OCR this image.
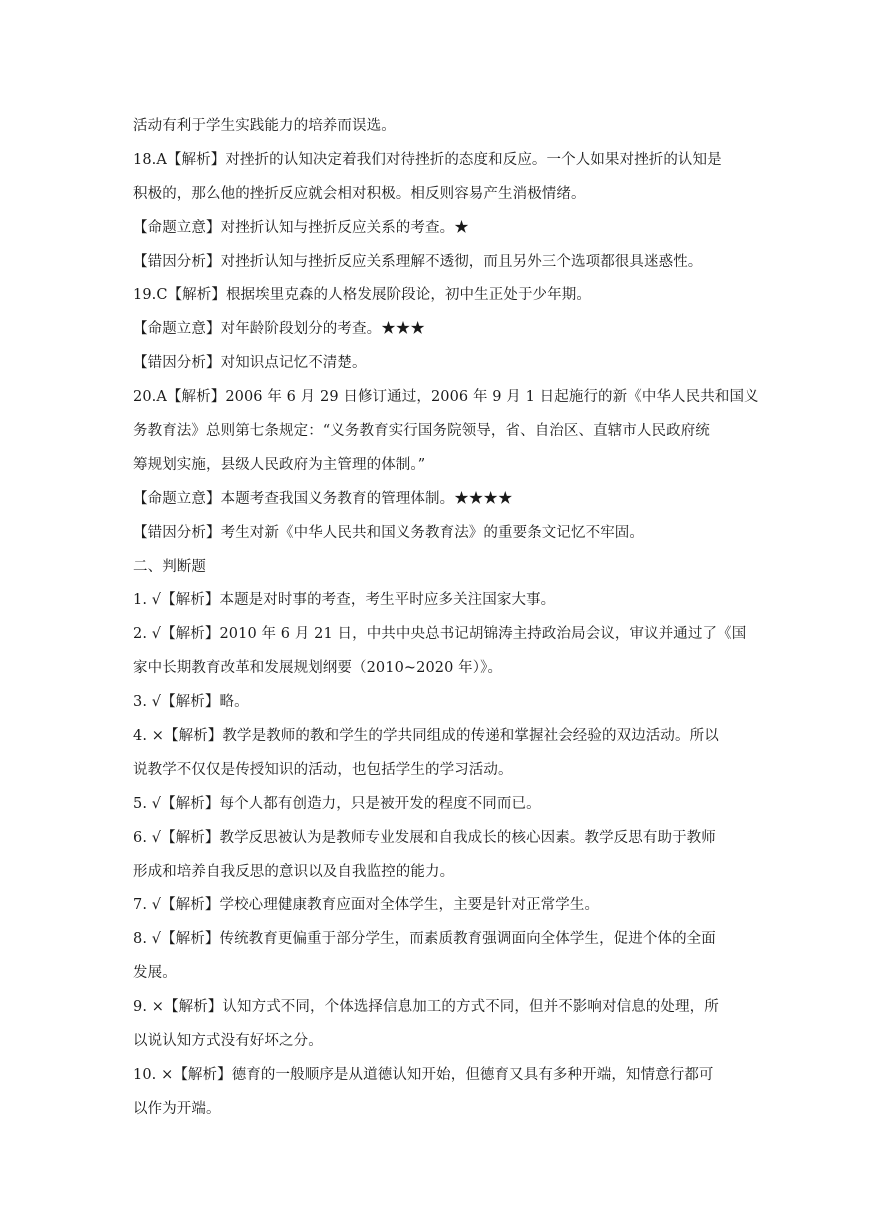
活动有利于学生实践能力的培养而误选。
18.A【解析】对挫折的认知决定着我们对待挫折的态度和反应。一个人如果对挫折的认知是
积极的，那么他的挫折反应就会相对积极。相反则容易产生消极情绪。
【命题立意】对挫折认知与挫折反应关系的考查。★
【错因分析】对挫折认知与挫折反应关系理解不透彻，而且另外三个选项都很具迷惑性。
19.C【解析】根据埃里克森的人格发展阶段论，初中生正处于少年期。
【命题立意】对年龄阶段划分的考查。★★★
【错因分析】对知识点记忆不清楚。
20.A【解析】2006 年 6 月 29 日修订通过，2006 年 9 月 1 日起施行的新《中华人民共和国义
务教育法》总则第七条规定：“义务教育实行国务院领导，省、自治区、直辖市人民政府统
筹规划实施，县级人民政府为主管理的体制。”
【命题立意】本题考查我国义务教育的管理体制。★★★★
【错因分析】考生对新《中华人民共和国义务教育法》的重要条文记忆不牢固。
二、判断题
1. √【解析】本题是对时事的考查，考生平时应多关注国家大事。
2. √【解析】2010 年 6 月 21 日，中共中央总书记胡锦涛主持政治局会议，审议并通过了《国
家中长期教育改革和发展规划纲要（2010~2020 年）》。
3. √【解析】略。
4. ×【解析】教学是教师的教和学生的学共同组成的传递和掌握社会经验的双边活动。所以
说教学不仅仅是传授知识的活动，也包括学生的学习活动。
5. √【解析】每个人都有创造力，只是被开发的程度不同而已。
6. √【解析】教学反思被认为是教师专业发展和自我成长的核心因素。教学反思有助于教师
形成和培养自我反思的意识以及自我监控的能力。
7. √【解析】学校心理健康教育应面对全体学生，主要是针对正常学生。
8. √【解析】传统教育更偏重于部分学生，而素质教育强调面向全体学生，促进个体的全面
发展。
9. ×【解析】认知方式不同，个体选择信息加工的方式不同，但并不影响对信息的处理，所
以说认知方式没有好坏之分。
10. ×【解析】德育的一般顺序是从道德认知开始，但德育又具有多种开端，知情意行都可
以作为开端。
